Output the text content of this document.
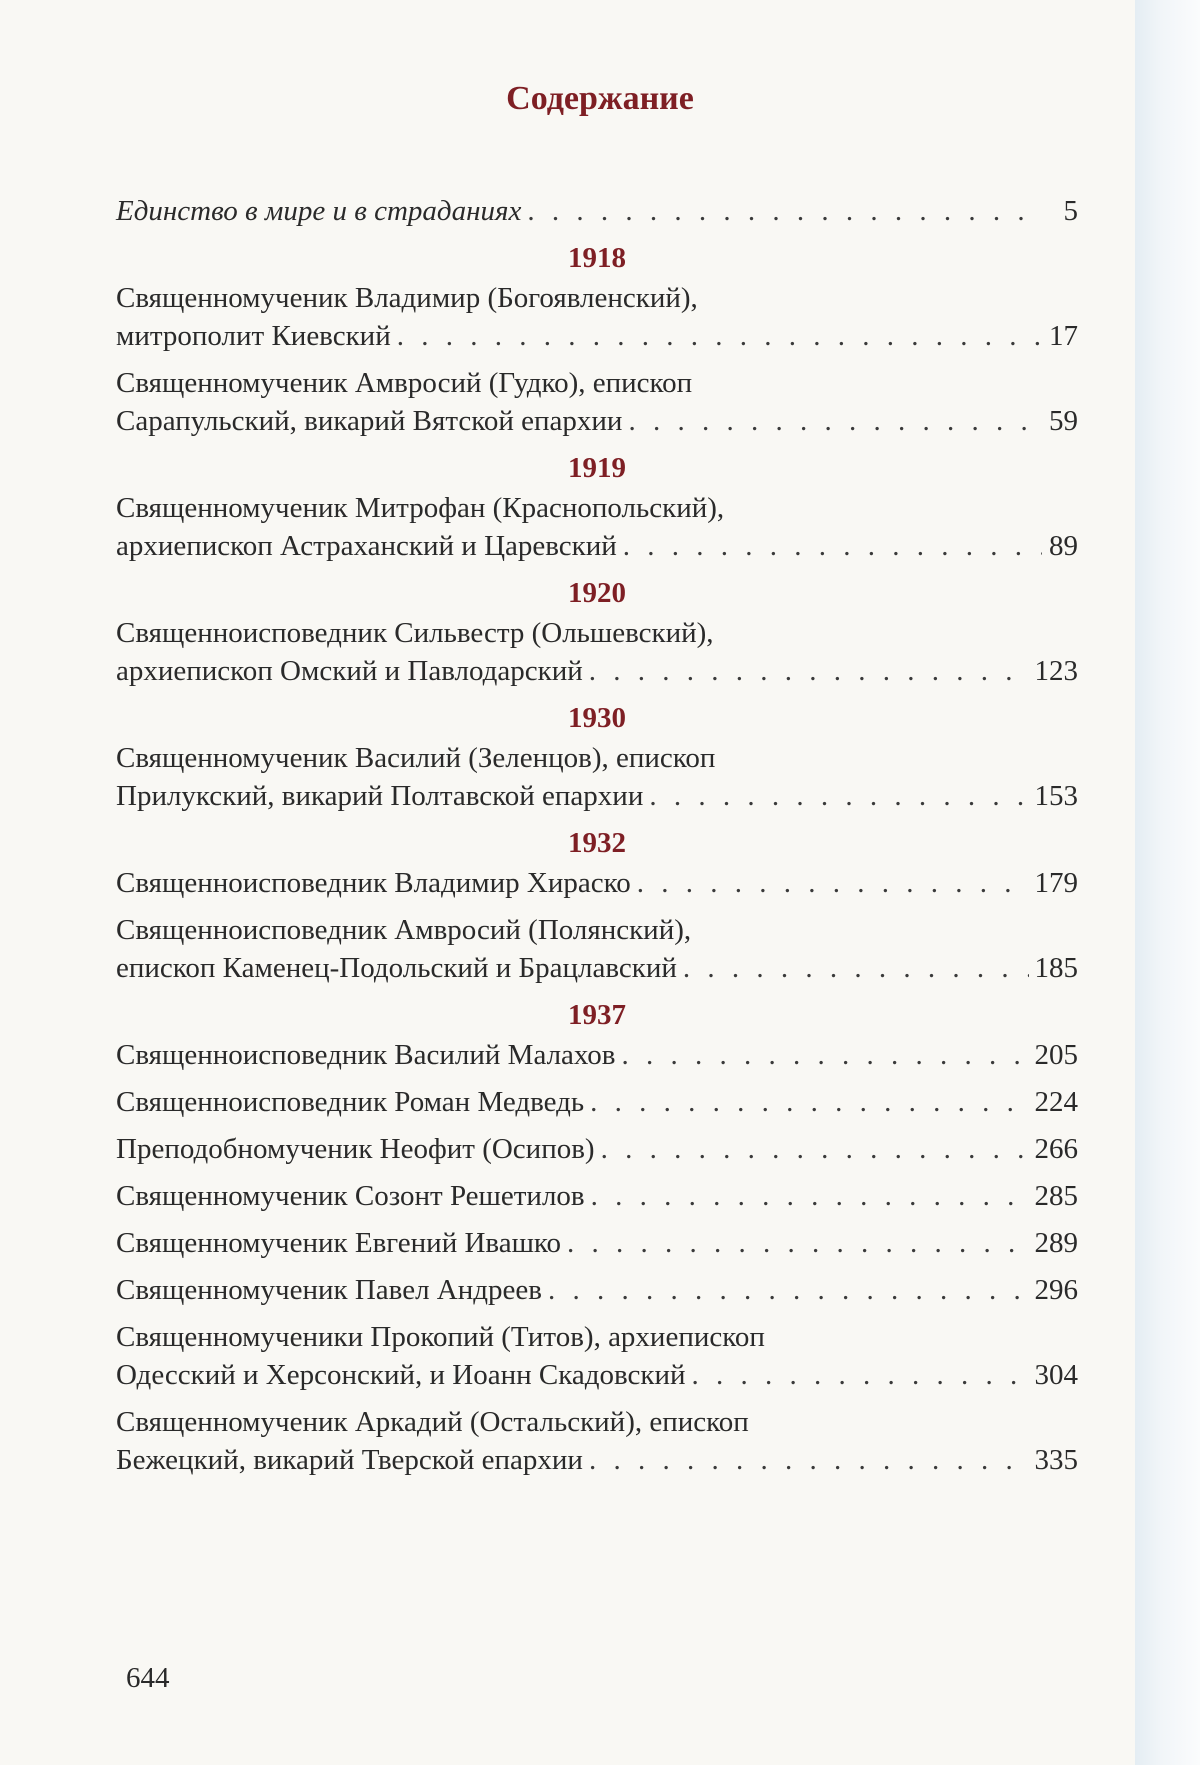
Содержание
Единство в мире и в страданиях . . .	5
1918
Священномученик Владимир (Богоявленский),
митрополит Киевский . . .	17
Священномученик Амвросий (Гудко), епископ
Сарапульский, викарий Вятской епархии . . .	59
1919
Священномученик Митрофан (Краснопольский),
архиепископ Астраханский и Царевский . . .	89
1920
Священноисповедник Сильвестр (Ольшевский),
архиепископ Омский и Павлодарский . . .	123
1930
Священномученик Василий (Зеленцов), епископ
Прилукский, викарий Полтавской епархии . . .	153
1932
Священноисповедник Владимир Хираско . . .	179
Священноисповедник Амвросий (Полянский),
епископ Каменец-Подольский и Брацлавский . . .	185
1937
Священноисповедник Василий Малахов . . .	205
Священноисповедник Роман Медведь . . .	224
Преподобномученик Неофит (Осипов) . . .	266
Священномученик Созонт Решетилов . . .	285
Священномученик Евгений Ивашко . . .	289
Священномученик Павел Андреев . . .	296
Священномученики Прокопий (Титов), архиепископ
Одесский и Херсонский, и Иоанн Скадовский . . .	304
Священномученик Аркадий (Остальский), епископ
Бежецкий, викарий Тверской епархии . . .	335
644
